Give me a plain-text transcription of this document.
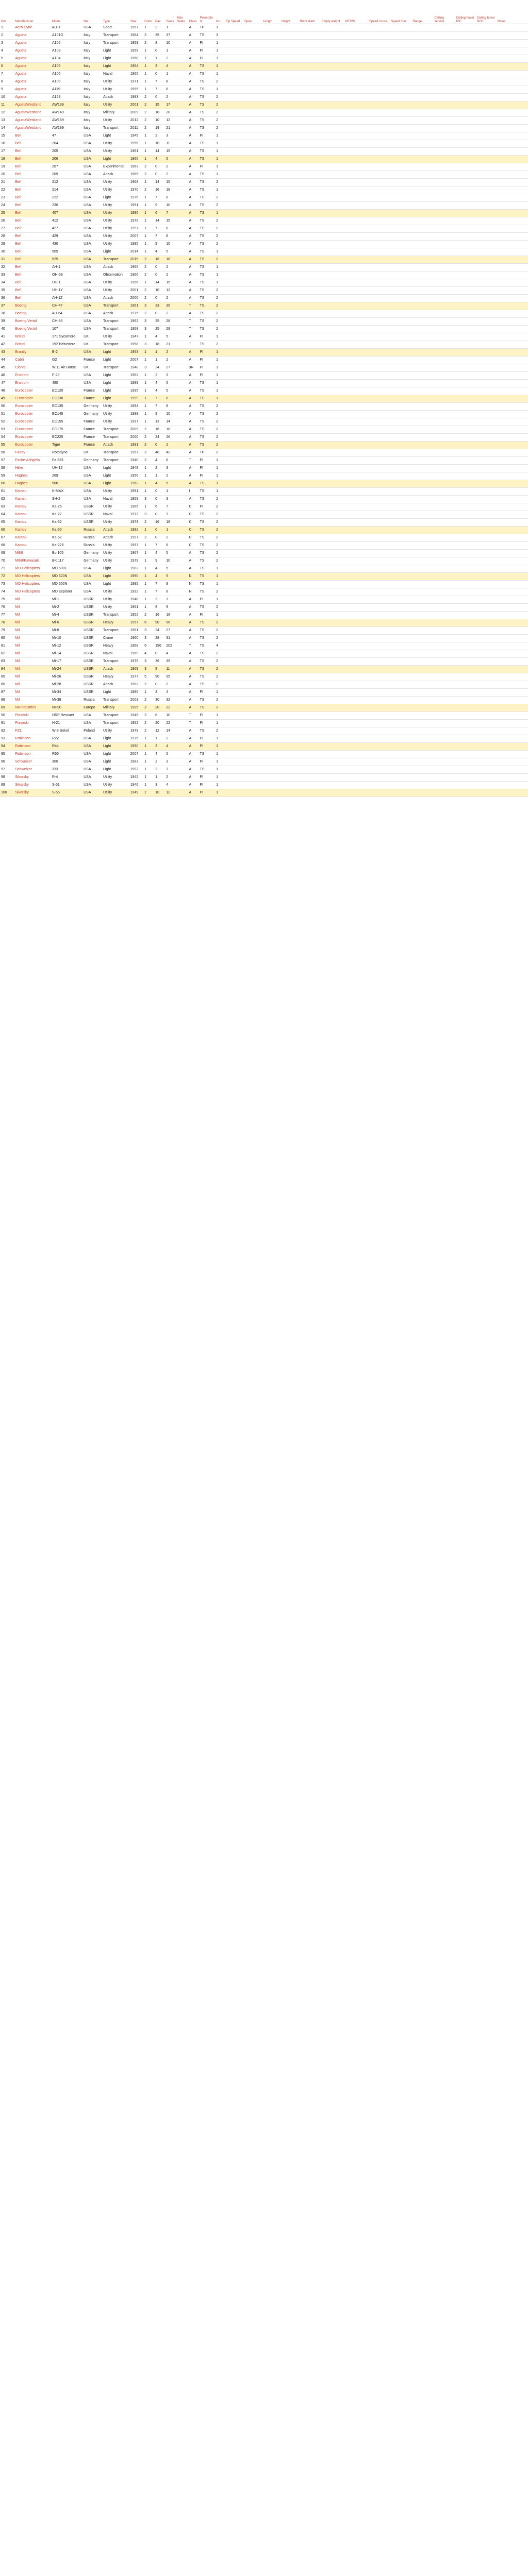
Pos	Manufacturer	Model	Nat	Type	Year	Crew	Pax	Seats	Max Seats	Class	Powerplant	No.	Tip Speed	Span	Length	Height	Rotor diam	Empty weight	MTOW	Speed cruise	Speed max	Range	Ceiling service	Ceiling hover IGE	Ceiling hover OGE	Notes
1	Aero Dyne	AD-1	USA	Sport	1957	1	2	1		A	TP	1														
2	Agusta	A101G	Italy	Transport	1964	2	35	37		A	TS	3														
3	Agusta	A102	Italy	Transport	1959	2	8	10		A	PI	1														
4	Agusta	A103	Italy	Light	1959	1	0	1		A	PI	1														
5	Agusta	A104	Italy	Light	1960	1	1	2		A	PI	1														
6	Agusta	A105	Italy	Light	1964	1	3	4		A	TS	1														
7	Agusta	A106	Italy	Naval	1965	1	0	1		A	TS	1														
8	Agusta	A109	Italy	Utility	1971	1	7	8		A	TS	2														
9	Agusta	A119	Italy	Utility	1995	1	7	8		A	TS	1														
10	Agusta	A129	Italy	Attack	1983	2	0	2		A	TS	2														
11	AgustaWestland	AW139	Italy	Utility	2001	2	15	17		A	TS	2														
12	AgustaWestland	AW149	Italy	Military	2009	2	18	20		A	TS	2														
13	AgustaWestland	AW169	Italy	Utility	2012	2	10	12		A	TS	2														
14	AgustaWestland	AW189	Italy	Transport	2011	2	19	21		A	TS	2														
15	Bell	47	USA	Light	1945	1	2	3		A	PI	1														
16	Bell	204	USA	Utility	1956	1	10	11		A	TS	1														
17	Bell	205	USA	Utility	1961	1	14	15		A	TS	1														
18	Bell	206	USA	Light	1966	1	4	5		A	TS	1														
19	Bell	207	USA	Experimental	1963	2	0	2		A	PI	1														
20	Bell	209	USA	Attack	1965	2	0	2		A	TS	1														
21	Bell	212	USA	Utility	1968	1	14	15		A	TS	2														
22	Bell	214	USA	Utility	1970	2	16	18		A	TS	1														
23	Bell	222	USA	Light	1976	1	7	8		A	TS	2														
24	Bell	230	USA	Utility	1991	1	9	10		A	TS	2														
25	Bell	407	USA	Utility	1995	1	6	7		A	TS	1														
26	Bell	412	USA	Utility	1979	1	14	15		A	TS	2														
27	Bell	427	USA	Utility	1997	1	7	8		A	TS	2														
28	Bell	429	USA	Utility	2007	1	7	8		A	TS	2														
29	Bell	430	USA	Utility	1995	1	9	10		A	TS	2														
30	Bell	505	USA	Light	2014	1	4	5		A	TS	1														
31	Bell	525	USA	Transport	2015	2	16	18		A	TS	2														
32	Bell	AH-1	USA	Attack	1965	2	0	2		A	TS	1														
33	Bell	OH-58	USA	Observation	1966	2	0	2		A	TS	1														
34	Bell	UH-1	USA	Utility	1956	1	14	15		A	TS	1														
35	Bell	UH-1Y	USA	Utility	2001	2	10	12		A	TS	2														
36	Bell	AH-1Z	USA	Attack	2000	2	0	2		A	TS	2														
37	Boeing	CH-47	USA	Transport	1961	3	33	36		T	TS	2														
38	Boeing	AH-64	USA	Attack	1975	2	0	2		A	TS	2														
39	Boeing Vertol	CH-46	USA	Transport	1962	3	25	28		T	TS	2														
40	Boeing Vertol	107	USA	Transport	1958	3	25	28		T	TS	2														
41	Bristol	171 Sycamore	UK	Utility	1947	1	4	5		A	PI	1														
42	Bristol	192 Belvedere	UK	Transport	1958	3	18	21		T	TS	2														
43	Brantly	B-2	USA	Light	1953	1	1	2		A	PI	1														
44	Cabri	G2	France	Light	2007	1	1	2		A	PI	1														
45	Cierva	W.11 Air Horse	UK	Transport	1948	3	24	27		3R	PI	1														
46	Enstrom	F-28	USA	Light	1962	1	2	3		A	PI	1														
47	Enstrom	480	USA	Light	1989	1	4	5		A	TS	1														
48	Eurocopter	EC120	France	Light	1995	1	4	5		A	TS	1														
49	Eurocopter	EC130	France	Light	1999	1	7	8		A	TS	1														
50	Eurocopter	EC135	Germany	Utility	1994	1	7	8		A	TS	2														
51	Eurocopter	EC145	Germany	Utility	1999	1	9	10		A	TS	2														
52	Eurocopter	EC155	France	Utility	1997	1	13	14		A	TS	2														
53	Eurocopter	EC175	France	Transport	2009	2	16	18		A	TS	2														
54	Eurocopter	EC225	France	Transport	2000	2	24	26		A	TS	2														
55	Eurocopter	Tiger	France	Attack	1991	2	0	2		A	TS	2														
56	Fairey	Rotodyne	UK	Transport	1957	2	40	42		A	TP	2														
57	Focke-Achgelis	Fa 223	Germany	Transport	1940	2	4	6		T	PI	1														
58	Hiller	UH-12	USA	Light	1948	1	2	3		A	PI	1														
59	Hughes	269	USA	Light	1956	1	1	2		A	PI	1														
60	Hughes	500	USA	Light	1963	1	4	5		A	TS	1														
61	Kaman	K-MAX	USA	Utility	1991	1	0	1		I	TS	1														
62	Kaman	SH-2	USA	Naval	1959	3	0	3		A	TS	2														
63	Kamov	Ka-26	USSR	Utility	1965	1	6	7		C	PI	2														
64	Kamov	Ka-27	USSR	Naval	1973	3	0	3		C	TS	2														
65	Kamov	Ka-32	USSR	Utility	1973	2	16	18		C	TS	2														
66	Kamov	Ka-50	Russia	Attack	1982	1	0	1		C	TS	2														
67	Kamov	Ka-52	Russia	Attack	1997	2	0	2		C	TS	2														
68	Kamov	Ka-226	Russia	Utility	1997	1	7	8		C	TS	2														
69	MBB	Bo 105	Germany	Utility	1967	1	4	5		A	TS	2														
70	MBB/Kawasaki	BK 117	Germany	Utility	1979	1	9	10		A	TS	2														
71	MD Helicopters	MD 500E	USA	Light	1982	1	4	5		A	TS	1														
72	MD Helicopters	MD 520N	USA	Light	1990	1	4	5		N	TS	1														
73	MD Helicopters	MD 600N	USA	Light	1995	1	7	8		N	TS	1														
74	MD Helicopters	MD Explorer	USA	Utility	1992	1	7	8		N	TS	2														
75	Mil	Mi-1	USSR	Utility	1948	1	2	3		A	PI	1														
76	Mil	Mi-2	USSR	Utility	1961	1	8	9		A	TS	2														
77	Mil	Mi-4	USSR	Transport	1952	2	16	18		A	PI	1														
78	Mil	Mi-6	USSR	Heavy	1957	6	90	96		A	TS	2														
79	Mil	Mi-8	USSR	Transport	1961	3	24	27		A	TS	2														
80	Mil	Mi-10	USSR	Crane	1960	3	28	31		A	TS	2														
81	Mil	Mi-12	USSR	Heavy	1968	6	196	202		T	TS	4														
82	Mil	Mi-14	USSR	Naval	1969	4	0	4		A	TS	2														
83	Mil	Mi-17	USSR	Transport	1975	3	36	39		A	TS	2														
84	Mil	Mi-24	USSR	Attack	1969	3	8	11		A	TS	2														
85	Mil	Mi-26	USSR	Heavy	1977	5	90	95		A	TS	2														
86	Mil	Mi-28	USSR	Attack	1982	2	0	2		A	TS	2														
87	Mil	Mi-34	USSR	Light	1986	1	3	4		A	PI	1														
88	Mil	Mi-38	Russia	Transport	2003	2	30	32		A	TS	2														
89	NHIndustries	NH90	Europe	Military	1995	2	20	22		A	TS	2														
90	Piasecki	HRP Rescuer	USA	Transport	1945	2	8	10		T	PI	1														
91	Piasecki	H-21	USA	Transport	1952	2	20	22		T	PI	1														
92	PZL	W-3 Sokol	Poland	Utility	1979	2	12	14		A	TS	2														
93	Robinson	R22	USA	Light	1975	1	1	2		A	PI	1														
94	Robinson	R44	USA	Light	1990	1	3	4		A	PI	1														
95	Robinson	R66	USA	Light	2007	1	4	5		A	TS	1														
96	Schweizer	300	USA	Light	1983	1	2	3		A	PI	1														
97	Schweizer	333	USA	Light	1992	1	2	3		A	TS	1														
98	Sikorsky	R-4	USA	Utility	1942	1	1	2		A	PI	1														
99	Sikorsky	S-51	USA	Utility	1946	1	3	4		A	PI	1														
100	Sikorsky	S-55	USA	Utility	1949	2	10	12		A	PI	1														
